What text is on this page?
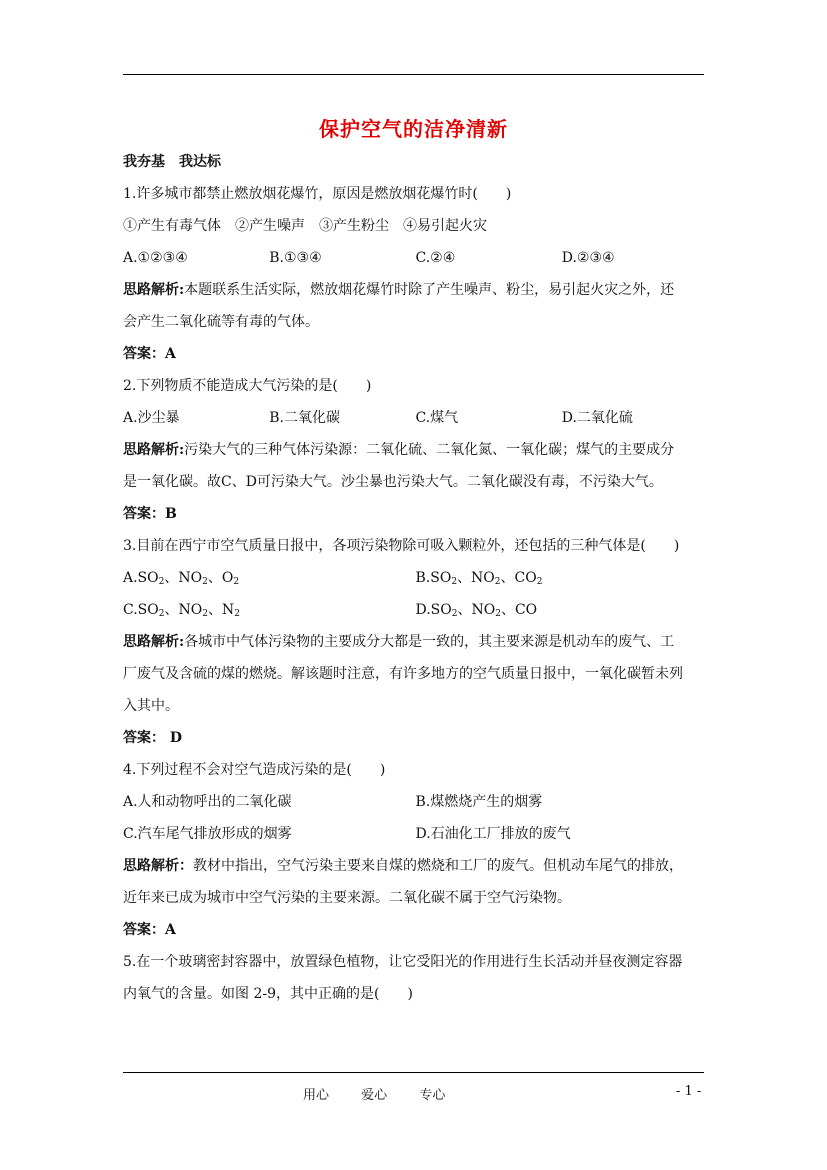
保护空气的洁净清新
我夯基　我达标
1.许多城市都禁止燃放烟花爆竹，原因是燃放烟花爆竹时(　　)
①产生有毒气体　②产生噪声　③产生粉尘　④易引起火灾
A.①②③④	B.①③④	C.②④	D.②③④
思路解析:本题联系生活实际，燃放烟花爆竹时除了产生噪声、粉尘，易引起火灾之外，还
会产生二氧化硫等有毒的气体。
答案：A
2.下列物质不能造成大气污染的是(　　)
A.沙尘暴	B.二氧化碳	C.煤气	D.二氧化硫
思路解析:污染大气的三种气体污染源：二氧化硫、二氧化氮、一氧化碳；煤气的主要成分
是一氧化碳。故C、D可污染大气。沙尘暴也污染大气。二氧化碳没有毒，不污染大气。
答案：B
3.目前在西宁市空气质量日报中，各项污染物除可吸入颗粒外，还包括的三种气体是(　　)
$A.SO_2$、$NO_2$、$O_2$	$B.SO_2$、$NO_2$、$CO_2$
$C.SO_2$、$NO_2$、$N_2$	$D.SO_2$、$NO_2$、CO
思路解析:各城市中气体污染物的主要成分大都是一致的，其主要来源是机动车的废气、工
厂废气及含硫的煤的燃烧。解该题时注意，有许多地方的空气质量日报中，一氧化碳暂未列
入其中。
答案： D
4.下列过程不会对空气造成污染的是(　　)
A.人和动物呼出的二氧化碳	B.煤燃烧产生的烟雾
C.汽车尾气排放形成的烟雾	D.石油化工厂排放的废气
思路解析：教材中指出，空气污染主要来自煤的燃烧和工厂的废气。但机动车尾气的排放，
近年来已成为城市中空气污染的主要来源。二氧化碳不属于空气污染物。
答案：A
5.在一个玻璃密封容器中，放置绿色植物，让它受阳光的作用进行生长活动并昼夜测定容器
内氧气的含量。如图 2-9，其中正确的是(　　)
用心 爱心 专心	- 1 -
